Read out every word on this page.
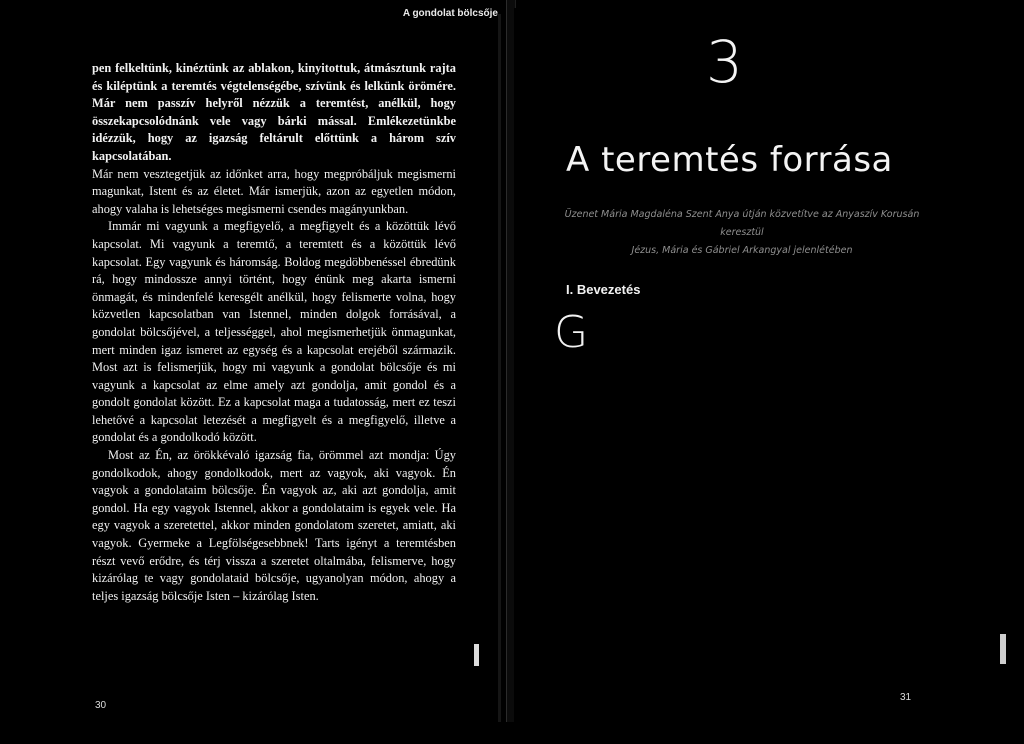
A gondolat bölcsője

pen felkeltünk, kinéztünk az ablakon, kinyitottuk, átmásztunk rajta és kiléptünk a teremtés végtelenségébe, szívünk és lelkünk örömére. Már nem passzív helyről nézzük a teremtést, anélkül, hogy összekapcsolódnánk vele vagy bárki mással. Emlékezetünkbe idézzük, hogy az igazság feltárult előttünk a három szív kapcsolatában.

Már nem vesztegetjük az időnket arra, hogy megpróbáljuk megismerni magunkat, Istent és az életet. Már ismerjük, azon az egyetlen módon, ahogy valaha is lehetséges megismerni csendes magányunkban.

Immár mi vagyunk a megfigyelő, a megfigyelt és a közöttük lévő kapcsolat. Mi vagyunk a teremtő, a teremtett és a közöttük lévő kapcsolat. Egy vagyunk és háromság. Boldog megdöbbenéssel ébredünk rá, hogy mindossze annyi történt, hogy énünk meg akarta ismerni önmagát, és mindenfelé keresgélt anélkül, hogy felismerte volna, hogy közvetlen kapcsolatban van Istennel, minden dolgok forrásával, a gondolat bölcsőjével, a teljességgel, ahol megismerhetjük önmagunkat, mert minden igaz ismeret az egység és a kapcsolat erejéből származik. Most azt is felismerjük, hogy mi vagyunk a gondolat bölcsője és mi vagyunk a kapcsolat az elme amely azt gondolja, amit gondol és a gondolt gondolat között. Ez a kapcsolat maga a tudatosság, mert ez teszi lehetővé a kapcsolat letezését a megfigyelt és a megfigyelő, illetve a gondolat és a gondolkodó között.

Most az Én, az örökkévaló igazság fia, örömmel azt mondja: Úgy gondolkodok, ahogy gondolkodok, mert az vagyok, aki vagyok. Én vagyok a gondolataim bölcsője. Én vagyok az, aki azt gondolja, amit gondol. Ha egy vagyok Istennel, akkor a gondolataim is egyek vele. Ha egy vagyok a szeretettel, akkor minden gondolatom szeretet, amiatt, aki vagyok. Gyermeke a Legfölségesebbnek! Tarts igényt a teremtésben részt vevő erődre, és térj vissza a szeretet oltalmába, felismerve, hogy kizárólag te vagy gondolataid bölcsője, ugyanolyan módon, ahogy a teljes igazság bölcsője Isten – kizárólag Isten.

30
3
A teremtés forrása
Üzenet Mária Magdaléna Szent Anya útján közvetítve az Anyaszív Korusán keresztül
Jézus, Mária és Gábriel Arkangyal jelenlétében
I. Bevezetés

Gyermekei a Legfelségesebbnek! Ma azért jöttünk, hogy a teremtés forrásáról beszéljünk nektek.

Mielott belefognánk a téma kifejtésébe, engedjétek meg, hogy eltoltsunk egy kis idöt egyutt, telve szeretettel és igazsággal. Ez az együttlét a Háromság Szívéből indul és a Háromság Szívébe árad. Többes számban beszélek hozzátok, hogy egyértelműen az értésetekre adjam, hogy sokan, nagyon sokan jöttünk el és vagyunk itt. Ébredjetek rá arra mindannyian, akik most olvassátok ezen szavakat –, hogy számtalan mennyei lény vesz körbe benneteket ebben a szent pillanatban. A Názáreti Jézus, az Istenember, szerető odaadással néz benneteket. A Szeretet Anyja átölel és Szeplőtelen Szívében ringat, melegséggel árasztva el szíveteket és teljes valótokat. Az angyalok mindenhol körülvesznek benneteket, és a mennyei szimfóniák dicséretet zengő kórusa korbeoleli teljes éneteket és egész létezésteket. A mennyei akkordok szeretettel és áldással árasztják el a Földet ezen jelenésen keresztül, ami itt és most valóra válik. Érezzétek a Szeráf szárnycsapásait. Érezzétek a szeretet édességét.

31
